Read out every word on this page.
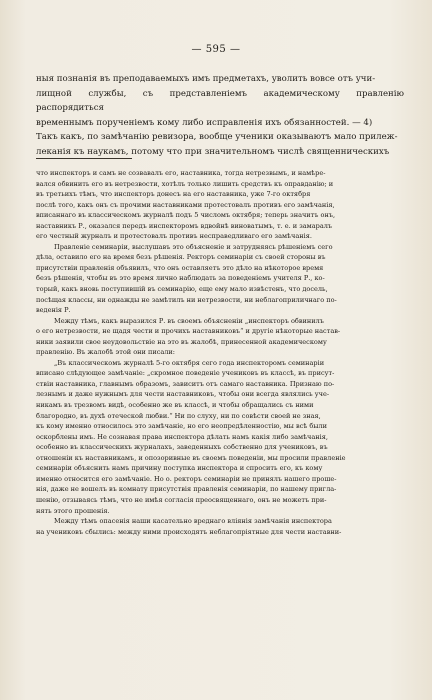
— 595 —

ныя познанія въ преподаваемыхъ имъ предметахъ, уволить вовсе отъ учи-

лищной службы, съ представленіемъ академическому правленію распорядиться

временнымъ порученіемъ кому либо исправленія ихъ обязанностей. — 4)

Такъ какъ, по замѣчанію ревизора, вообще ученики оказываютъ мало прилеж-

леканія къ наукамъ, потому что при значительномъ числѣ священническихъ

что инспекторъ и самъ не созвавалъ его, наставника, тогда нетрезвымъ, и намѣре-

вался обвинить его въ нетрезвости, хотѣлъ только лишить средствъ къ оправданію; и

въ третьихъ тѣмъ, что инспекторъ донесъ на его наставника, уже 7-го октября

послѣ того, какъ онъ съ прочими наставниками протестовалъ противъ его замѣчанія,

вписаннаго въ классическомъ журналѣ подъ 5 числомъ октября; теперь значитъ онъ,

наставникъ Р., оказался передъ инспекторомъ вдвойнѣ виноватымъ, т. е. и замаралъ

его честный журналъ и протестовалъ противъ несправедливаго его замѣчанія.

Правленіе семинаріи, выслушавъ это объясненіе и затрудняясь рѣшеніемъ сего

дѣла, оставило его на время безъ рѣшенія. Ректоръ семинаріи съ своей стороны въ

присутствіи правленія объявилъ, что онъ оставляетъ это дѣло на нѣкоторое время

безъ рѣшенія, чтобы въ это время лично наблюдать за поведеніемъ учителя Р., ко-

торый, какъ вновь поступившій въ семинарію, еще ему мало извѣстенъ, что досель,

посѣщая классы, ни однажды не замѣтилъ ни нетрезвости, ни неблагоприличнаго по-

веденія Р.

Между тѣмъ, какъ выразился Р. въ своемъ объясненіи „инспекторъ обвинилъ

о его нетрезвости, не щадя чести и прочихъ наставниковъ“ и другіе нѣкоторые настав-

ники заявили свое неудовольствіе на это въ жалобѣ, принесенной академическому

правленію. Въ жалобѣ этой они писали:

„Въ классическомъ журналѣ 5-го октября сего года инспекторомъ семинаріи

вписано слѣдующее замѣчаніе: „скромное поведеніе учениковъ въ классѣ, въ присут-

ствіи наставника, главнымъ образомъ, зависитъ отъ самаго наставника. Признаю по-

лезнымъ и даже нужнымъ для чести наставниковъ, чтобы они всегда являлись уче-

никамъ въ трезвомъ видѣ, особенно же въ классѣ, и чтобы обращались съ ними

благородно, въ духѣ отеческой любви.“ Ни по слуху, ни по совѣсти своей не зная,

къ кому именно относилось это замѣчаніе, но его неопредѣленностію, мы всѣ были

оскорблены имъ. Не сознавая права инспектора дѣлать намъ какія либо замѣчанія,

особенно въ классическихъ журналахъ, заведенныхъ собственно для учениковъ, въ

отношеніи къ наставникамъ, и опозоривные въ своемъ поведеніи, мы просили правленіе

семинаріи объяснить намъ причину поступка инспектора и спросить его, къ кому

именно относится его замѣчаніе. Но о. ректоръ семинаріи не принялъ нашего проше-

нія, даже не вошелъ въ комнату присутствія правленія семинаріи, по нашему пригла-

шенію, отзываясь тѣмъ, что не имѣя согласія преосвященнаго, онъ не можетъ при-

нять этого прошенія.

Между тѣмъ опасенія наши касательно вреднаго вліянія замѣчанія инспектора

на учениковъ сбылись: между ними происходятъ неблагопріятные для чести наставни-
